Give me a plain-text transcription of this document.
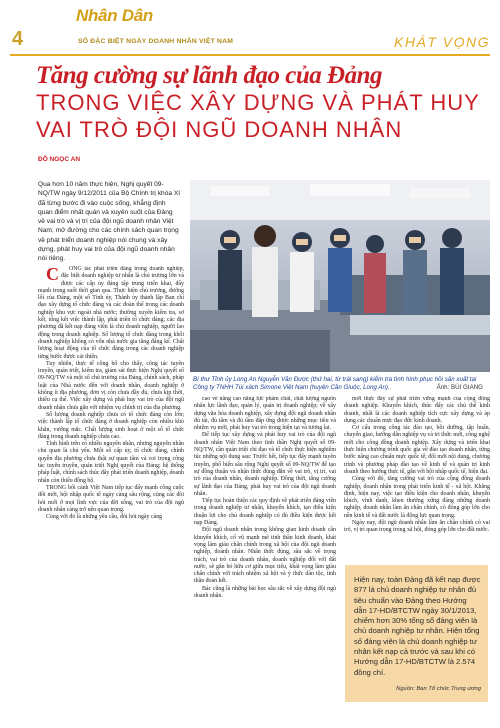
4
Nhân Dân
SỐ ĐẶC BIỆT NGÀY DOANH NHÂN VIỆT NAM	KHÁT VỌNG
Tăng cường sự lãnh đạo của Đảng
TRONG VIỆC XÂY DỰNG VÀ PHÁT HUY
VAI TRÒ ĐỘI NGŨ DOANH NHÂN
ĐỖ NGỌC AN
Qua hơn 10 năm thực hiện, Nghị quyết 09-NQ/TW ngày 9/12/2011 của Bộ Chính trị khóa XI đã từng bước đi vào cuộc sống, khẳng định quan điểm nhất quán và xuyên suốt của Đảng về vai trò và vị trí của đội ngũ doanh nhân Việt Nam; mở đường cho các chính sách quan trọng về phát triển doanh nghiệp nói chung và xây dựng, phát huy vai trò của đội ngũ doanh nhân nói riêng.
Bí thư Tỉnh ủy Long An Nguyễn Văn Được (thứ hai, từ trái sang) kiểm tra tình hình phục hồi sản xuất tại Công ty TNHH Túi xách Simone Việt Nam (huyện Cần Giuộc, Long An).	Ảnh: BÙI GIANG

C ÔNG tác phát triển đảng trong doanh nghiệp, đặc biệt doanh nghiệp tư nhân là chủ trương lớn và được các cấp ủy đảng tập trung triển khai, đẩy mạnh trong suốt thời gian qua. Thực hiện chủ trương, đường lối của Đảng, một số Tỉnh ủy, Thành ủy thành lập Ban chỉ đạo xây dựng tổ chức đảng và các đoàn thể trong các doanh nghiệp khu vực ngoài nhà nước; thường xuyên kiểm tra, sơ kết, tổng kết việc thành lập, phát triển tổ chức đảng; các địa phương đã kết nạp đảng viên là chủ doanh nghiệp, người lao động trong doanh nghiệp. Số lượng tổ chức đảng trong khối doanh nghiệp không có vốn nhà nước gia tăng đáng kể. Chất lượng hoạt động của tổ chức đảng trong các doanh nghiệp từng bước được cải thiện.

Tuy nhiên, thực tế công bố cho thấy, công tác tuyên truyền, quán triệt, kiểm tra, giám sát thực hiện Nghị quyết số 09-NQ/TW và một số chủ trương của Đảng, chính sách, pháp luật của Nhà nước đến với doanh nhân, doanh nghiệp ở không ít địa phương, đơn vị còn chưa đầy đủ, chưa kịp thời, thiếu cụ thể. Việc xây dựng và phát huy vai trò của đội ngũ doanh nhân chưa gắn với nhiệm vụ chính trị của địa phương.

Số lượng doanh nghiệp chưa có tổ chức đảng còn lớn; việc thành lập tổ chức đảng ở doanh nghiệp còn nhiều khó khăn, vướng mắc. Chất lượng sinh hoạt ở một số tổ chức đảng trong doanh nghiệp chưa cao.

Tình hình trên có nhiều nguyên nhân, nhưng nguyên nhân chủ quan là chủ yếu. Một số cấp ủy, tổ chức đảng, chính quyền địa phương chưa thật sự quan tâm và coi trọng công tác tuyên truyền, quán triệt Nghị quyết của Đảng; hệ thống pháp luật, chính sách thúc đẩy phát triển doanh nghiệp, doanh nhân còn thiếu đồng bộ.

TRONG bối cảnh Việt Nam tiếp tục đẩy mạnh công cuộc đổi mới, hội nhập quốc tế ngày càng sâu rộng, cùng các đòi hỏi mới ở mọi lĩnh vực của đời sống, vai trò của đội ngũ doanh nhân càng trở nên quan trọng.

Cùng với đó là những yêu cầu, đòi hỏi ngày càng

cao về năng cao năng lực phẩm chất, chất lượng nguồn nhân lực lãnh đạo, quản lý, quản trị doanh nghiệp; về xây dựng văn hóa doanh nghiệp, xây dựng đội ngũ doanh nhân đủ tài, đủ tâm và đủ tầm đáp ứng được những mục tiêu và nhiệm vụ mới, phát huy vai trò trong hiện tại và tương lai.

Để tiếp tục xây dựng và phát huy vai trò của đội ngũ doanh nhân Việt Nam theo tinh thần Nghị quyết số 09-NQ/TW, cần quán triệt chỉ đạo và tổ chức thực hiện nghiêm túc những nội dung sau: Trước hết, tiếp tục đẩy mạnh tuyên truyền, phổ biến sâu rộng Nghị quyết số 09-NQ/TW để tạo sự đồng thuận và nhận thức đúng đắn về vai trò, vị trí, vai trò của doanh nhân, doanh nghiệp. Đồng thời, tăng cường sự lãnh đạo của Đảng, phát huy vai trò của đội ngũ doanh nhân.

Tiếp tục hoàn thiện các quy định về phát triển đảng viên trong doanh nghiệp tư nhân, khuyến khích, tạo điều kiện thuận lợi cho chủ doanh nghiệp có đủ điều kiện được kết nạp Đảng.

Đội ngũ doanh nhân trong không gian kinh doanh cần khuyến khích, cổ vũ mạnh mẽ tinh thần kinh doanh, khát vọng làm giàu chân chính trong xã hội của đội ngũ doanh nghiệp, doanh nhân. Nhân thức đúng, sâu sắc về trọng trách, vai trò của doanh nhân, doanh nghiệp đối với đất nước, sẽ gắn bó hữu cơ giữa mục tiêu, khát vọng làm giàu chân chính với trách nhiệm xã hội và ý thức dân tộc, tinh thần đoàn kết.

Bác cũng là những bài học sâu sắc về xây dựng đội ngũ doanh nhân.

mới thực đầy sự phát triển vững mạnh của cộng đồng doanh nghiệp. Khuyến khích, thúc đẩy các chủ thể kinh doanh, nhất là các doanh nghiệp tích cực xây dựng và áp dụng các chuẩn mực đạo đức kinh doanh.

Cơ cấu trong công tác đào tạo, bồi dưỡng, tập huấn, chuyển giao, hướng dẫn nghiệp vụ và tri thức mới, công nghệ mới cho công đồng doanh nghiệp. Xây dựng và triển khai thực hiện chương trình quốc gia về đào tạo doanh nhân, từng bước nâng cao chuẩn mực quốc tế; đổi mới nội dung, chương trình và phương pháp đào tạo về kinh tế và quản trị kinh doanh theo hướng thực tế, gắn với hội nhập quốc tế, hiện đại.

Cùng với đó, tăng cường vai trò của cộng đồng doanh nghiệp, doanh nhân trong phát triển kinh tế - xã hội. Khẳng định, hiện nay, việc tạo điều kiện cho doanh nhân, khuyến khích, vinh danh, khen thưởng xứng đáng những doanh nghiệp, doanh nhân làm ăn chân chính, có đóng góp lớn cho nền kinh tế và đất nước là động lực quan trọng.

Ngày nay, đội ngũ doanh nhân làm ăn chân chính có vai trò, vị trí quan trọng trong xã hội, đóng góp lớn cho đất nước.

Hiện nay, toàn Đảng đã kết nạp được 877 lá chủ doanh nghiệp tư nhân đủ tiêu chuẩn vào Đảng theo Hướng dẫn 17-HD/BTCTW ngày 30/1/2013, chiếm hơn 30% tổng số đảng viên là chủ doanh nghiệp tư nhân. Hiện tổng số đảng viên là chủ doanh nghiệp tư nhân kết nạp cả trước và sau khi có Hướng dẫn 17-HD/BTCTW là 2.574 đồng chí.
Nguồn: Ban Tổ chức Trung ương
